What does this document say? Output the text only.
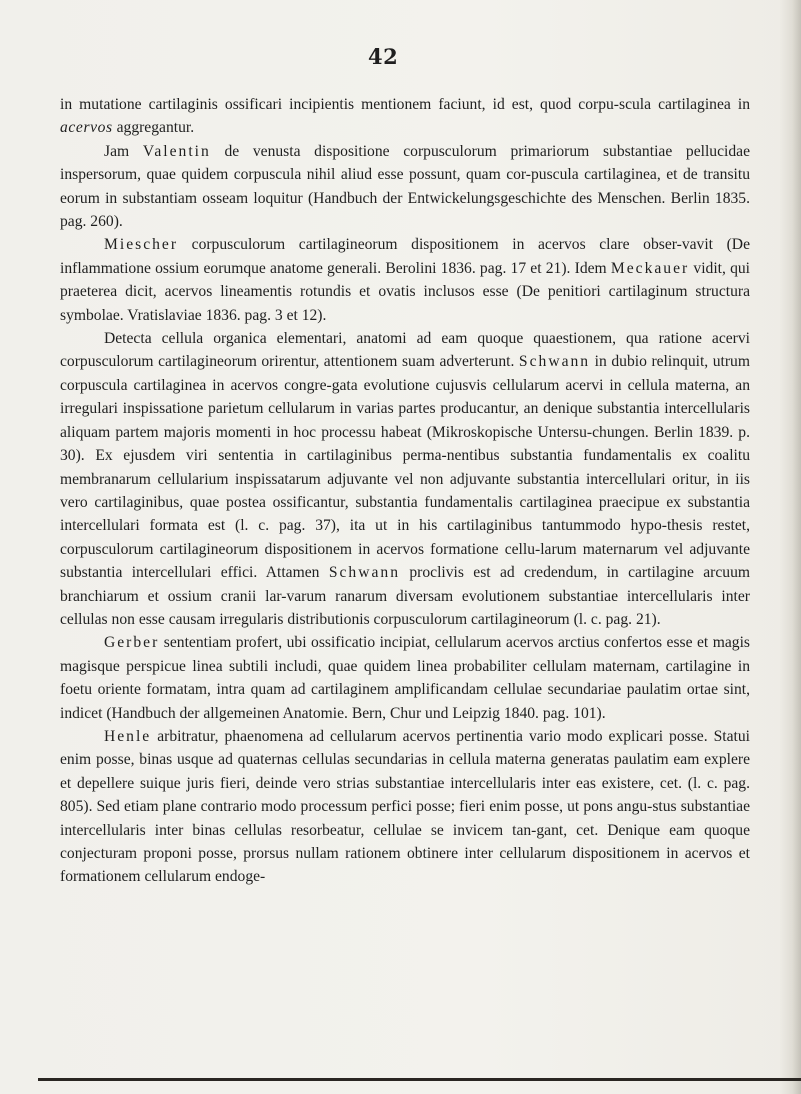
42

in mutatione cartilaginis ossificari incipientis mentionem faciunt, id est, quod corpu-scula cartilaginea in acervos aggregantur.

Jam Valentin de venusta dispositione corpusculorum primariorum substantiae pellucidae inspersorum, quae quidem corpuscula nihil aliud esse possunt, quam cor-puscula cartilaginea, et de transitu eorum in substantiam osseam loquitur (Handbuch der Entwickelungsgeschichte des Menschen. Berlin 1835. pag. 260).

Miescher corpusculorum cartilagineorum dispositionem in acervos clare obser-vavit (De inflammatione ossium eorumque anatome generali. Berolini 1836. pag. 17 et 21). Idem Meckauer vidit, qui praeterea dicit, acervos lineamentis rotundis et ovatis inclusos esse (De penitiori cartilaginum structura symbolae. Vratislaviae 1836. pag. 3 et 12).

Detecta cellula organica elementari, anatomi ad eam quoque quaestionem, qua ratione acervi corpusculorum cartilagineorum orirentur, attentionem suam adverterunt. Schwann in dubio relinquit, utrum corpuscula cartilaginea in acervos congre-gata evolutione cujusvis cellularum acervi in cellula materna, an irregulari inspissatione parietum cellularum in varias partes producantur, an denique substantia intercellularis aliquam partem majoris momenti in hoc processu habeat (Mikroskopische Untersu-chungen. Berlin 1839. p. 30). Ex ejusdem viri sententia in cartilaginibus perma-nentibus substantia fundamentalis ex coalitu membranarum cellularium inspissatarum adjuvante vel non adjuvante substantia intercellulari oritur, in iis vero cartilaginibus, quae postea ossificantur, substantia fundamentalis cartilaginea praecipue ex substantia intercellulari formata est (l. c. pag. 37), ita ut in his cartilaginibus tantummodo hypo-thesis restet, corpusculorum cartilagineorum dispositionem in acervos formatione cellu-larum maternarum vel adjuvante substantia intercellulari effici. Attamen Schwann proclivis est ad credendum, in cartilagine arcuum branchiarum et ossium cranii lar-varum ranarum diversam evolutionem substantiae intercellularis inter cellulas non esse causam irregularis distributionis corpusculorum cartilagineorum (l. c. pag. 21).

Gerber sententiam profert, ubi ossificatio incipiat, cellularum acervos arctius confertos esse et magis magisque perspicue linea subtili includi, quae quidem linea probabiliter cellulam maternam, cartilagine in foetu oriente formatam, intra quam ad cartilaginem amplificandam cellulae secundariae paulatim ortae sint, indicet (Handbuch der allgemeinen Anatomie. Bern, Chur und Leipzig 1840. pag. 101).

Henle arbitratur, phaenomena ad cellularum acervos pertinentia vario modo explicari posse. Statui enim posse, binas usque ad quaternas cellulas secundarias in cellula materna generatas paulatim eam explere et depellere suique juris fieri, deinde vero strias substantiae intercellularis inter eas existere, cet. (l. c. pag. 805). Sed etiam plane contrario modo processum perfici posse; fieri enim posse, ut pons angu-stus substantiae intercellularis inter binas cellulas resorbeatur, cellulae se invicem tan-gant, cet. Denique eam quoque conjecturam proponi posse, prorsus nullam rationem obtinere inter cellularum dispositionem in acervos et formationem cellularum endoge-
